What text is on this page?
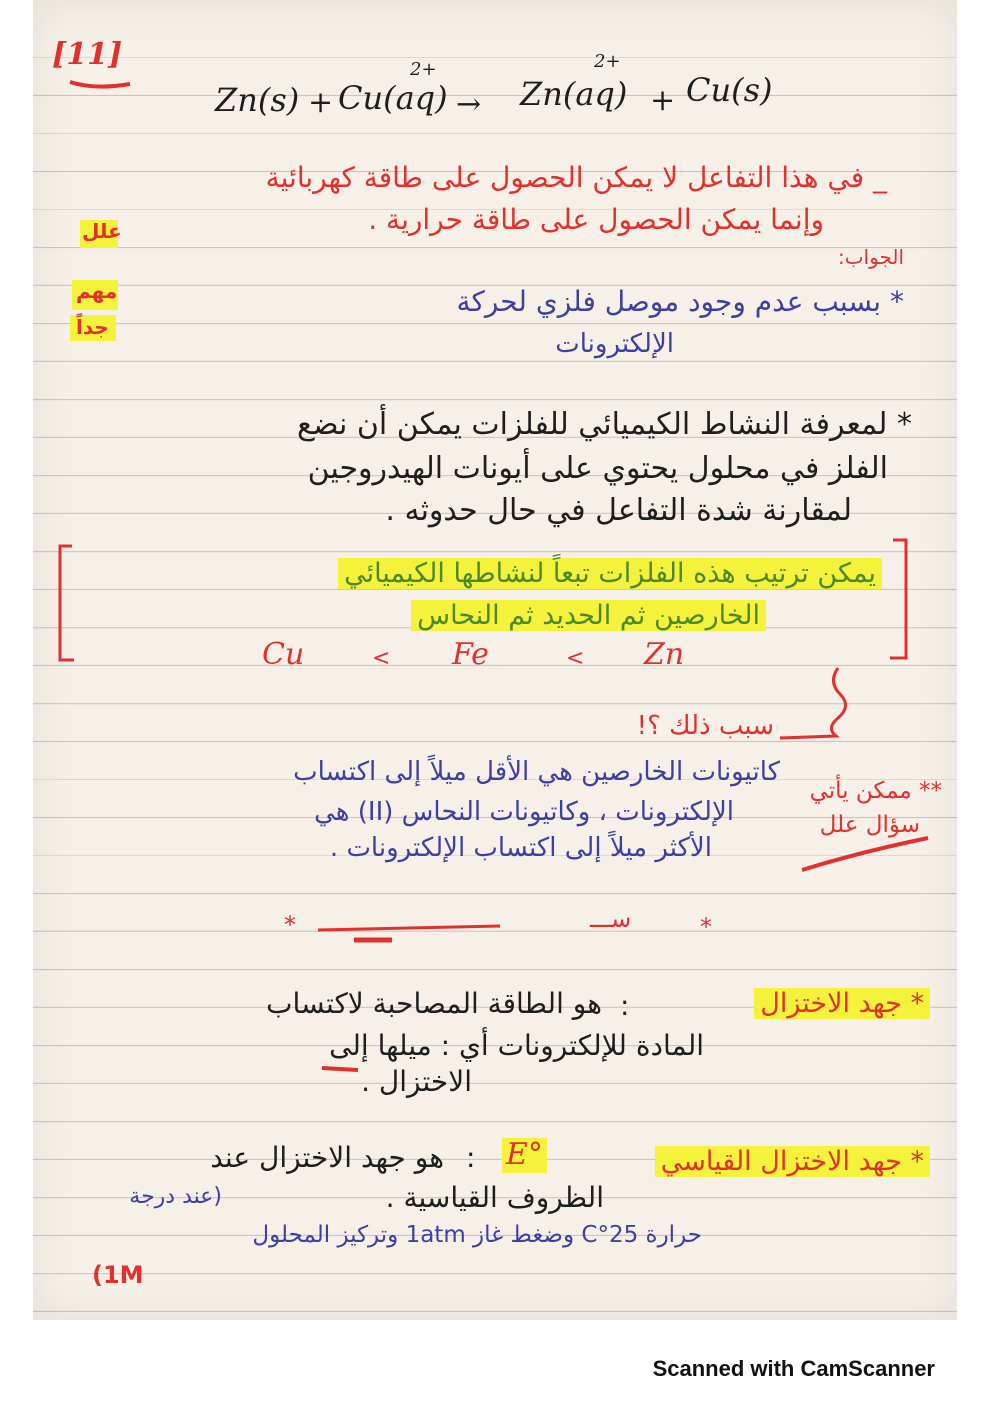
[11]
Zn(s) + Cu(aq)
2+
→ Zn(aq)
2+
+ Cu(s)
_ في هذا التفاعل لا يمكن الحصول على طاقة كهربائية
وإنما يمكن الحصول على طاقة حرارية .
علل
مهم
جداً
الجواب:
* بسبب عدم وجود موصل فلزي لحركة
الإلكترونات
* لمعرفة النشاط الكيميائي للفلزات يمكن أن نضع
الفلز في محلول يحتوي على أيونات الهيدروجين
لمقارنة شدة التفاعل في حال حدوثه .
يمكن ترتيب هذه الفلزات تبعاً لنشاطها الكيميائي
الخارصين ثم الحديد ثم النحاس
Cu	< Fe	< Zn
سبب ذلك ؟!
كاتيونات الخارصين هي الأقل ميلاً إلى اكتساب
الإلكترونات ، وكاتيونات النحاس (II) هي
الأكثر ميلاً إلى اكتساب الإلكترونات .
** ممكن يأتي
سؤال علل
*	*
ســـ
* جهد الاختزال
:
هو الطاقة المصاحبة لاكتساب
المادة للإلكترونات أي : ميلها إلى
الاختزال .
* جهد الاختزال القياسي
E°
:
هو جهد الاختزال عند
الظروف القياسية .
(عند درجة
حرارة 25°C وضغط غاز 1atm وتركيز المحلول
(1M
Scanned with CamScanner
